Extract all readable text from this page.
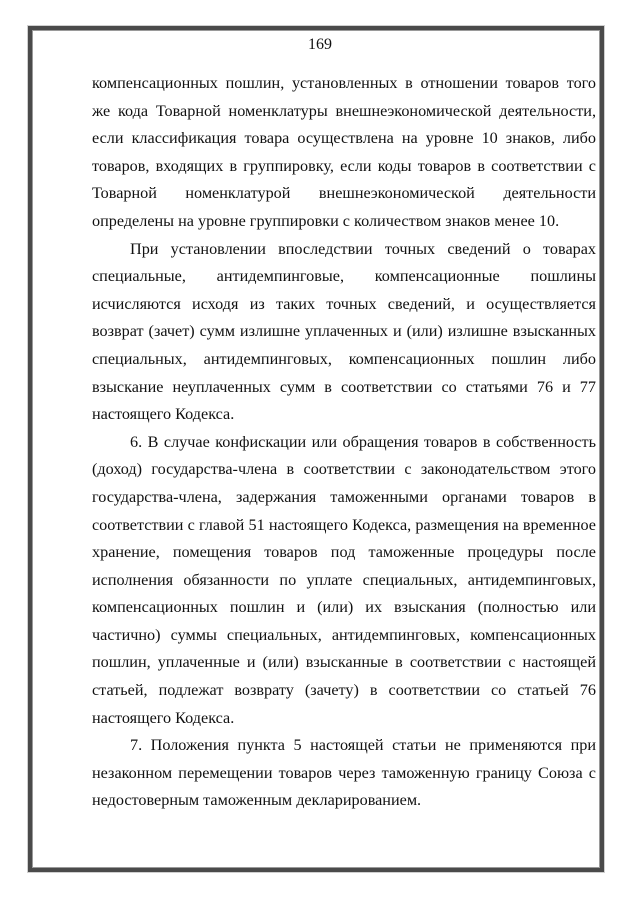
169

компенсационных пошлин, установленных в отношении товаров того же кода Товарной номенклатуры внешнеэкономической деятельности, если классификация товара осуществлена на уровне 10 знаков, либо товаров, входящих в группировку, если коды товаров в соответствии с Товарной номенклатурой внешнеэкономической деятельности определены на уровне группировки с количеством знаков менее 10.

При установлении впоследствии точных сведений о товарах специальные, антидемпинговые, компенсационные пошлины исчисляются исходя из таких точных сведений, и осуществляется возврат (зачет) сумм излишне уплаченных и (или) излишне взысканных специальных, антидемпинговых, компенсационных пошлин либо взыскание неуплаченных сумм в соответствии со статьями 76 и 77 настоящего Кодекса.

6. В случае конфискации или обращения товаров в собственность (доход) государства-члена в соответствии с законодательством этого государства-члена, задержания таможенными органами товаров в соответствии с главой 51 настоящего Кодекса, размещения на временное хранение, помещения товаров под таможенные процедуры после исполнения обязанности по уплате специальных, антидемпинговых, компенсационных пошлин и (или) их взыскания (полностью или частично) суммы специальных, антидемпинговых, компенсационных пошлин, уплаченные и (или) взысканные в соответствии с настоящей статьей, подлежат возврату (зачету) в соответствии со статьей 76 настоящего Кодекса.

7. Положения пункта 5 настоящей статьи не применяются при незаконном перемещении товаров через таможенную границу Союза с недостоверным таможенным декларированием.
